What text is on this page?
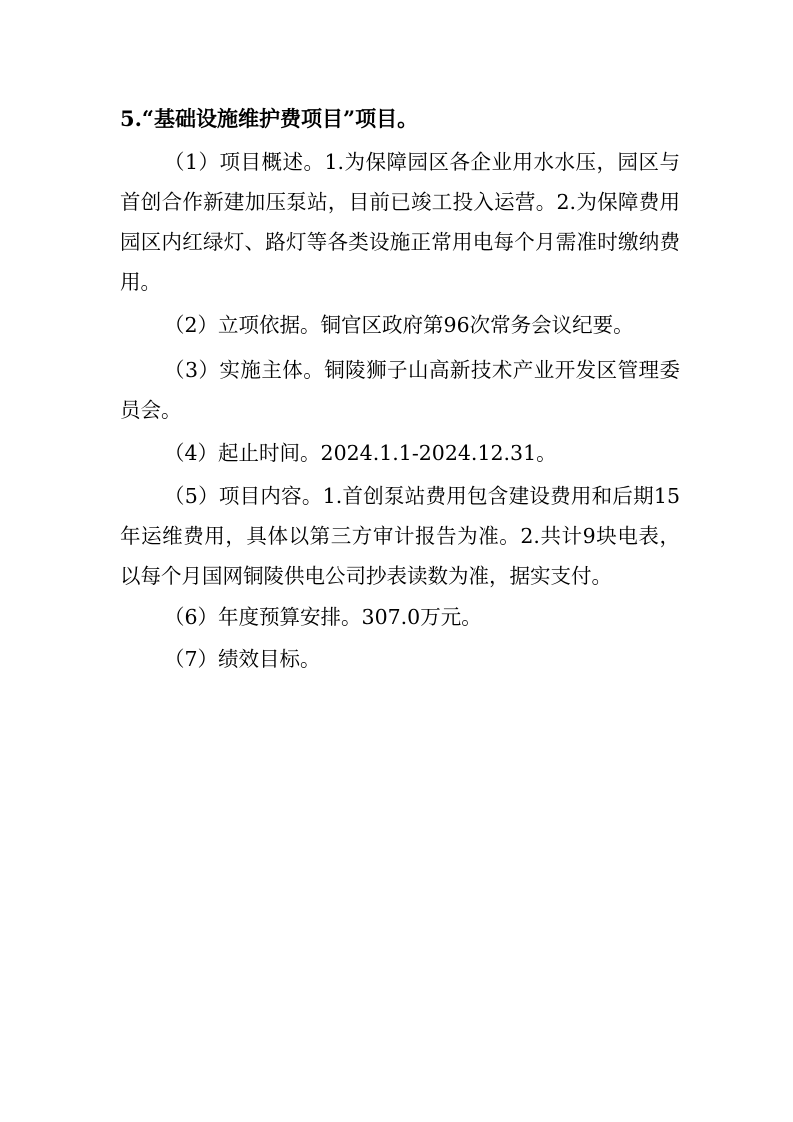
5.“基础设施维护费项目”项目。

（1）项目概述。1.为保障园区各企业用水水压，园区与首创合作新建加压泵站，目前已竣工投入运营。2.为保障费用园区内红绿灯、路灯等各类设施正常用电每个月需准时缴纳费用。

（2）立项依据。铜官区政府第96次常务会议纪要。

（3）实施主体。铜陵狮子山高新技术产业开发区管理委员会。

（4）起止时间。2024.1.1-2024.12.31。

（5）项目内容。1.首创泵站费用包含建设费用和后期15年运维费用，具体以第三方审计报告为准。2.共计9块电表，以每个月国网铜陵供电公司抄表读数为准，据实支付。

（6）年度预算安排。307.0万元。

（7）绩效目标。
